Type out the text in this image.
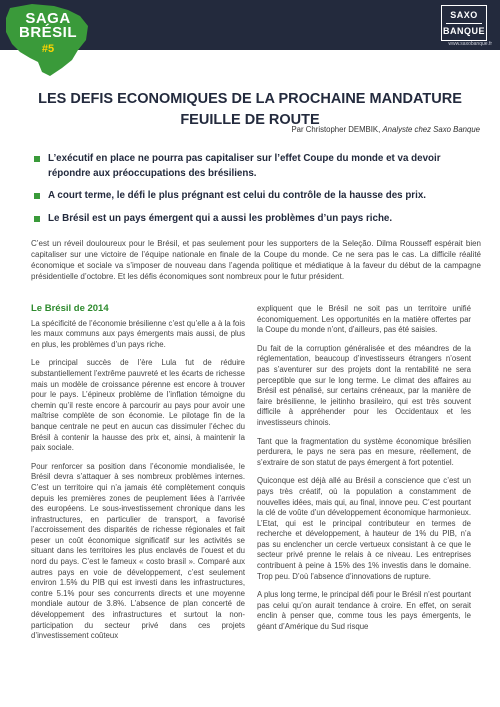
SAXO
BANQUE
www.saxobanque.fr
SAGA
BRÉSIL
#5
LES DEFIS ECONOMIQUES DE LA PROCHAINE MANDATURE
FEUILLE DE ROUTE
Par Christopher DEMBIK, Analyste chez Saxo Banque
L’exécutif en place ne pourra pas capitaliser sur l’effet Coupe du monde et va devoir répondre aux préoccupations des brésiliens.
A court terme, le défi le plus prégnant est celui du contrôle de la hausse des prix.
Le Brésil est un pays émergent qui a aussi les problèmes d’un pays riche.
C’est un réveil douloureux pour le Brésil, et pas seulement pour les supporters de la Seleção. Dilma Rousseff espérait bien capitaliser sur une victoire de l’équipe nationale en finale de la Coupe du monde. Ce ne sera pas le cas. La difficile réalité économique et sociale va s’imposer de nouveau dans l’agenda politique et médiatique à la faveur du début de la campagne présidentielle d’octobre. Et les défis économiques sont nombreux pour le futur président.
Le Brésil de 2014

La spécificité de l’économie brésilienne c’est qu’elle a à la fois les maux communs aux pays émergents mais aussi, de plus en plus, les problèmes d’un pays riche.

Le principal succès de l’ère Lula fut de réduire substantiellement l’extrême pauvreté et les écarts de richesse mais un modèle de croissance pérenne est encore à trouver pour le pays. L’épineux problème de l’inflation témoigne du chemin qu’il reste encore à parcourir au pays pour avoir une maîtrise complète de son économie. Le pilotage fin de la banque centrale ne peut en aucun cas dissimuler l’échec du Brésil à contenir la hausse des prix et, ainsi, à maintenir la paix sociale.

Pour renforcer sa position dans l’économie mondialisée, le Brésil devra s’attaquer à ses nombreux problèmes internes. C’est un territoire qui n’a jamais été complètement conquis depuis les premières zones de peuplement liées à l’arrivée des européens. Le sous-investissement chronique dans les infrastructures, en particulier de transport, a favorisé l’accroissement des disparités de richesse régionales et fait peser un coût économique significatif sur les activités se situant dans les territoires les plus enclavés de l’ouest et du nord du pays. C’est le fameux « costo brasil ». Comparé aux autres pays en voie de développement, c’est seulement environ 1.5% du PIB qui est investi dans les infrastructures, contre 5.1% pour ses concurrents directs et une moyenne mondiale autour de 3.8%. L’absence de plan concerté de développement des infrastructures et surtout la non-participation du secteur privé dans ces projets d’investissement coûteux

expliquent que le Brésil ne soit pas un territoire unifié économiquement. Les opportunités en la matière offertes par la Coupe du monde n’ont, d’ailleurs, pas été saisies.

Du fait de la corruption généralisée et des méandres de la réglementation, beaucoup d’investisseurs étrangers n’osent pas s’aventurer sur des projets dont la rentabilité ne sera perceptible que sur le long terme. Le climat des affaires au Brésil est pénalisé, sur certains créneaux, par la manière de faire brésilienne, le jeitinho brasileiro, qui est très souvent difficile à appréhender pour les Occidentaux et les investisseurs chinois.

Tant que la fragmentation du système économique brésilien perdurera, le pays ne sera pas en mesure, réellement, de s’extraire de son statut de pays émergent à fort potentiel.

Quiconque est déjà allé au Brésil a conscience que c’est un pays très créatif, où la population a constamment de nouvelles idées, mais qui, au final, innove peu. C’est pourtant la clé de voûte d’un développement économique harmonieux. L’Etat, qui est le principal contributeur en termes de recherche et développement, à hauteur de 1% du PIB, n’a pas su enclencher un cercle vertueux consistant à ce que le secteur privé prenne le relais à ce niveau. Les entreprises contribuent à peine à 15% des 1% investis dans le domaine. Trop peu. D’où l’absence d’innovations de rupture.

A plus long terme, le principal défi pour le Brésil n’est pourtant pas celui qu’on aurait tendance à croire. En effet, on serait enclin à penser que, comme tous les pays émergents, le géant d’Amérique du Sud risque
